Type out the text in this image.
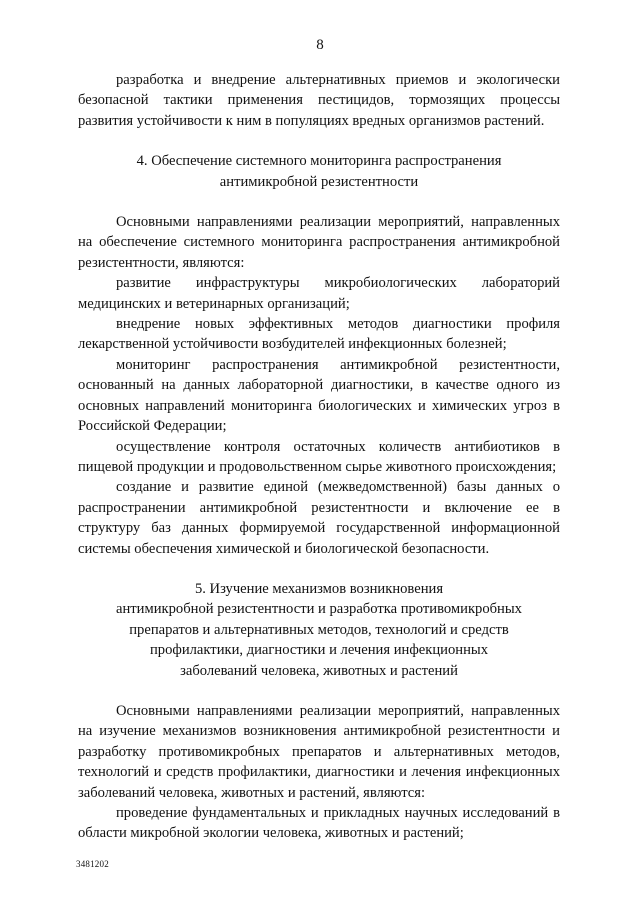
8

разработка и внедрение альтернативных приемов и экологически безопасной тактики применения пестицидов, тормозящих процессы развития устойчивости к ним в популяциях вредных организмов растений.

4. Обеспечение системного мониторинга распространения
антимикробной резистентности

Основными направлениями реализации мероприятий, направленных на обеспечение системного мониторинга распространения антимикробной резистентности, являются:

развитие инфраструктуры микробиологических лабораторий медицинских и ветеринарных организаций;

внедрение новых эффективных методов диагностики профиля лекарственной устойчивости возбудителей инфекционных болезней;

мониторинг распространения антимикробной резистентности, основанный на данных лабораторной диагностики, в качестве одного из основных направлений мониторинга биологических и химических угроз в Российской Федерации;

осуществление контроля остаточных количеств антибиотиков в пищевой продукции и продовольственном сырье животного происхождения;

создание и развитие единой (межведомственной) базы данных о распространении антимикробной резистентности и включение ее в структуру баз данных формируемой государственной информационной системы обеспечения химической и биологической безопасности.

5. Изучение механизмов возникновения
антимикробной резистентности и разработка противомикробных
препаратов и альтернативных методов, технологий и средств
профилактики, диагностики и лечения инфекционных
заболеваний человека, животных и растений

Основными направлениями реализации мероприятий, направленных на изучение механизмов возникновения антимикробной резистентности и разработку противомикробных препаратов и альтернативных методов, технологий и средств профилактики, диагностики и лечения инфекционных заболеваний человека, животных и растений, являются:

проведение фундаментальных и прикладных научных исследований в области микробной экологии человека, животных и растений;

3481202
